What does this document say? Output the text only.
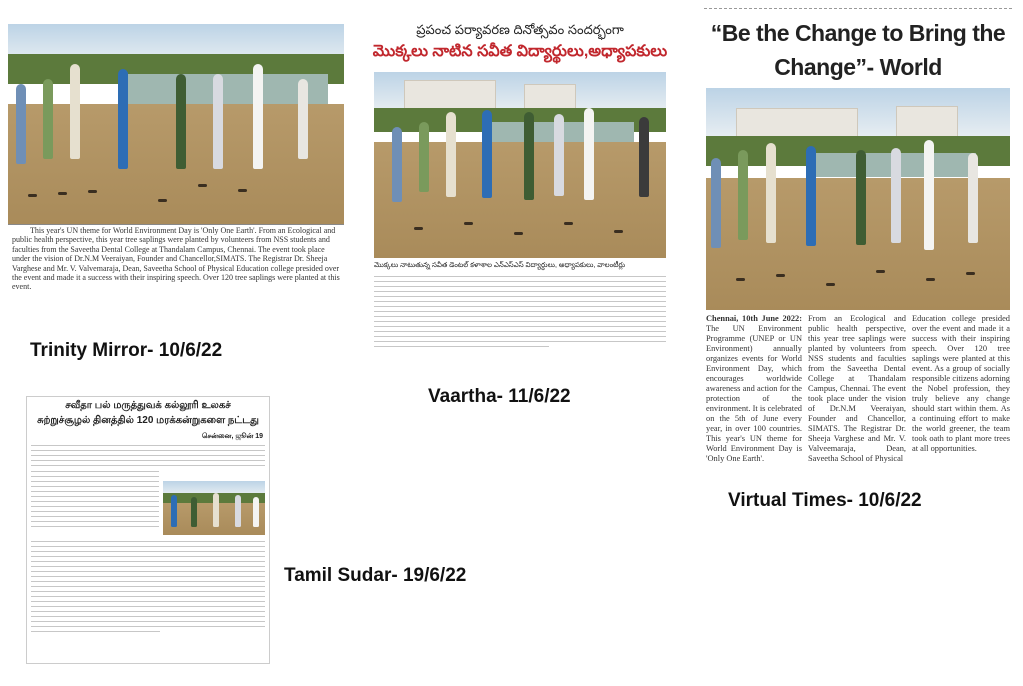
This year's UN theme for World Environment Day is 'Only One Earth'. From an Ecological and public health perspective, this year tree saplings were planted by volunteers from NSS students and faculties from the Saveetha Dental College at Thandalam Campus, Chennai. The event took place under the vision of Dr.N.M Veeraiyan, Founder and Chancellor,SIMATS. The Registrar Dr. Sheeja Varghese and Mr. V. Valvemaraja, Dean, Saveetha School of Physical Education college presided over the event and made it a success with their inspiring speech. Over 120 tree saplings were planted at this event.
Trinity Mirror- 10/6/22
ప్రపంచ పర్యావరణ దినోత్సవం సందర్భంగా
మొక్కలు నాటిన సవీత విద్యార్థులు,అధ్యాపకులు
మొక్కలు నాటుతున్న సవీత డెంటల్ కళాశాల ఎన్ఎస్ఎస్ విద్యార్థులు, అధ్యాపకులు, వాలంటీర్లు
Vaartha- 11/6/22
“Be the Change to Bring the Change”- World
Chennai, 10th June 2022: The UN Environment Programme (UNEP or UN Environment) annually organizes events for World Environment Day, which encourages worldwide awareness and action for the protection of the environment. It is celebrated on the 5th of June every year, in over 100 countries. This year's UN theme for World Environment Day is 'Only One Earth'.
From an Ecological and public health perspective, this year tree saplings were planted by volunteers from NSS students and faculties from the Saveetha Dental College at Thandalam Campus, Chennai. The event took place under the vision of Dr.N.M Veeraiyan, Founder and Chancellor, SIMATS. The Registrar Dr. Sheeja Varghese and Mr. V. Valveemaraja, Dean, Saveetha School of Physical
Education college presided over the event and made it a success with their inspiring speech. Over 120 tree saplings were planted at this event. As a group of socially responsible citizens adorning the Nobel profession, they truly believe any change should start within them. As a continuing effort to make the world greener, the team took oath to plant more trees at all opportunities.
Virtual Times- 10/6/22
சவீதா பல் மருத்துவக் கல்லூரி உலகச்
சுற்றுச்சூழல் தினத்தில் 120 மரக்கன்றுகளை நட்டது
சென்னை, ஜூன் 19
Tamil Sudar- 19/6/22
